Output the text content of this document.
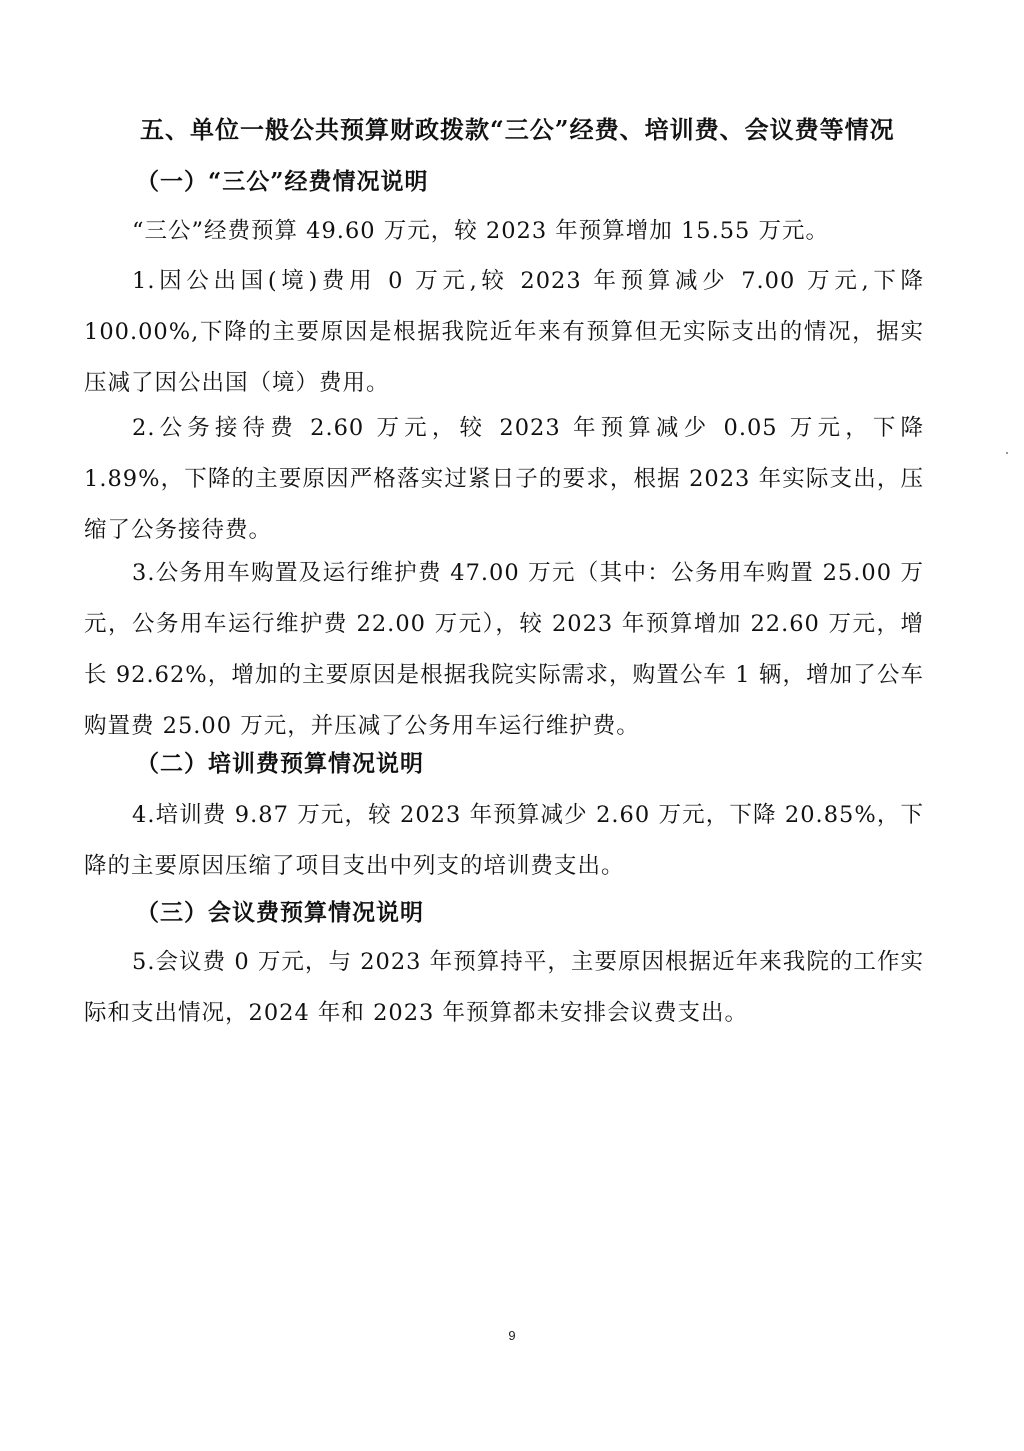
五、单位一般公共预算财政拨款“三公”经费、培训费、会议费等情况
（一）“三公”经费情况说明

“三公”经费预算 49.60 万元，较 2023 年预算增加 15.55 万元。

1.因公出国(境)费用 0 万元,较 2023 年预算减少 7.00 万元,下降 100.00%,下降的主要原因是根据我院近年来有预算但无实际支出的情况，据实压减了因公出国（境）费用。

2.公务接待费 2.60 万元，较 2023 年预算减少 0.05 万元，下降 1.89%，下降的主要原因严格落实过紧日子的要求，根据 2023 年实际支出，压缩了公务接待费。

3.公务用车购置及运行维护费 47.00 万元（其中：公务用车购置 25.00 万元，公务用车运行维护费 22.00 万元），较 2023 年预算增加 22.60 万元，增长 92.62%，增加的主要原因是根据我院实际需求，购置公车 1 辆，增加了公车购置费 25.00 万元，并压减了公务用车运行维护费。

（二）培训费预算情况说明

4.培训费 9.87 万元，较 2023 年预算减少 2.60 万元，下降 20.85%，下降的主要原因压缩了项目支出中列支的培训费支出。

（三）会议费预算情况说明

5.会议费 0 万元，与 2023 年预算持平，主要原因根据近年来我院的工作实际和支出情况，2024 年和 2023 年预算都未安排会议费支出。

9
